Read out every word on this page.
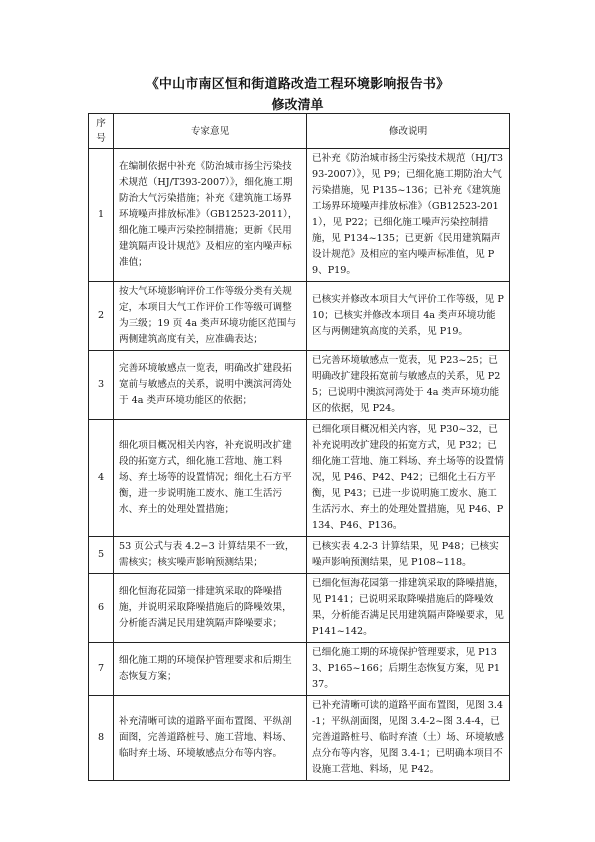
《中山市南区恒和街道路改造工程环境影响报告书》
修改清单
序号	专家意见	修改说明
1	在编制依据中补充《防治城市扬尘污染技术规范（HJ/T393-2007）》，细化施工期防治大气污染措施；补充《建筑施工场界环境噪声排放标准》（GB12523-2011），细化施工噪声污染控制措施；更新《民用建筑隔声设计规范》及相应的室内噪声标准值；	已补充《防治城市扬尘污染技术规范（HJ/T393-2007）》，见 P9；已细化施工期防治大气污染措施，见 P135~136；已补充《建筑施工场界环境噪声排放标准》（GB12523-2011），见 P22；已细化施工噪声污染控制措施，见 P134~135；已更新《民用建筑隔声设计规范》及相应的室内噪声标准值，见 P9、P19。
2	按大气环境影响评价工作等级分类有关规定，本项目大气工作评价工作等级可调整为三级；19 页 4a 类声环境功能区范围与两侧建筑高度有关，应准确表达；	已核实并修改本项目大气评价工作等级，见 P10；已核实并修改本项目 4a 类声环境功能区与两侧建筑高度的关系，见 P19。
3	完善环境敏感点一览表，明确改扩建段拓宽前与敏感点的关系，说明中澳滨河湾处于 4a 类声环境功能区的依据；	已完善环境敏感点一览表，见 P23~25；已明确改扩建段拓宽前与敏感点的关系，见 P25；已说明中澳滨河湾处于 4a 类声环境功能区的依据，见 P24。
4	细化项目概况相关内容，补充说明改扩建段的拓宽方式，细化施工营地、施工料场、弃土场等的设置情况；细化土石方平衡，进一步说明施工废水、施工生活污水、弃土的处理处置措施；	已细化项目概况相关内容，见 P30~32，已补充说明改扩建段的拓宽方式，见 P32；已细化施工营地、施工料场、弃土场等的设置情况，见 P46、P42、P42；已细化土石方平衡，见 P43；已进一步说明施工废水、施工生活污水、弃土的处理处置措施，见 P46、P134、P46、P136。
5	53 页公式与表 4.2−3 计算结果不一致，需核实；核实噪声影响预测结果；	已核实表 4.2-3 计算结果，见 P48；已核实噪声影响预测结果，见 P108~118。
6	细化恒海花园第一排建筑采取的降噪措施，并说明采取降噪措施后的降噪效果，分析能否满足民用建筑隔声降噪要求；	已细化恒海花园第一排建筑采取的降噪措施，见 P141；已说明采取降噪措施后的降噪效果，分析能否满足民用建筑隔声降噪要求，见 P141~142。
7	细化施工期的环境保护管理要求和后期生态恢复方案；	已细化施工期的环境保护管理要求，见 P133、P165~166；后期生态恢复方案，见 P137。
8	补充清晰可读的道路平面布置图、平纵剖面图，完善道路桩号、施工营地、料场、临时弃土场、环境敏感点分布等内容。	已补充清晰可读的道路平面布置图，见图 3.4-1；平纵剖面图，见图 3.4-2~图 3.4-4，已完善道路桩号、临时弃渣（土）场、环境敏感点分布等内容，见图 3.4-1；已明确本项目不设施工营地、料场，见 P42。
